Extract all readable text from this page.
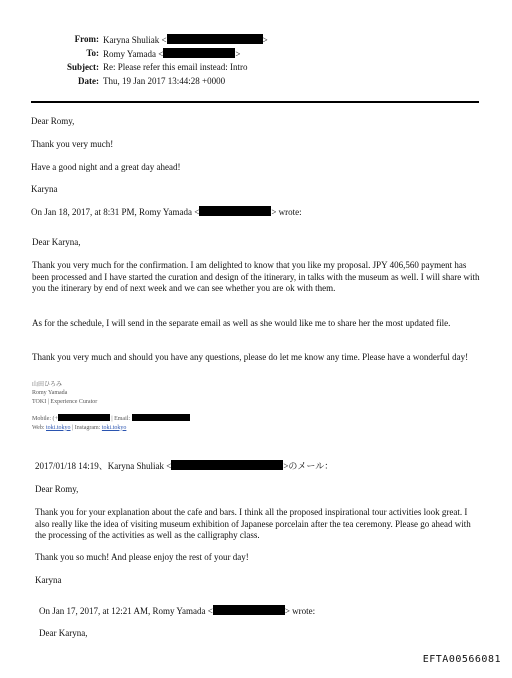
From: Karyna Shuliak <	>
To: Romy Yamada <	>
Subject: Re: Please refer this email instead: Intro
Date: Thu, 19 Jan 2017 13:44:28 +0000

Dear Romy,

Thank you very much!

Have a good night and a great day ahead!

Karyna

On Jan 18, 2017, at 8:31 PM, Romy Yamada <	> wrote:

Dear Karyna,

Thank you very much for the confirmation. I am delighted to know that you like my proposal. JPY 406,560 payment has been processed and I have started the curation and design of the itinerary, in talks with the museum as well. I will share with you the itinerary by end of next week and we can see whether you are ok with them.

As for the schedule, I will send in the separate email as well as she would like me to share her the most updated file.

Thank you very much and should you have any questions, please do let me know any time. Please have a wonderful day!

山田ひろみ
Romy Yamada
TOKI | Experience Curator
Mobile: (+	| Email:
Web: toki.tokyo | Instagram: toki.tokyo

2017/01/18 14:19、Karyna Shuliak <	>のメール：

Dear Romy,

Thank you for your explanation about the cafe and bars. I think all the proposed inspirational tour activities look great. I also really like the idea of visiting museum exhibition of Japanese porcelain after the tea ceremony. Please go ahead with the processing of the activities as well as the calligraphy class.

Thank you so much! And please enjoy the rest of your day!

Karyna

On Jan 17, 2017, at 12:21 AM, Romy Yamada <	> wrote:

Dear Karyna,

EFTA00566081
